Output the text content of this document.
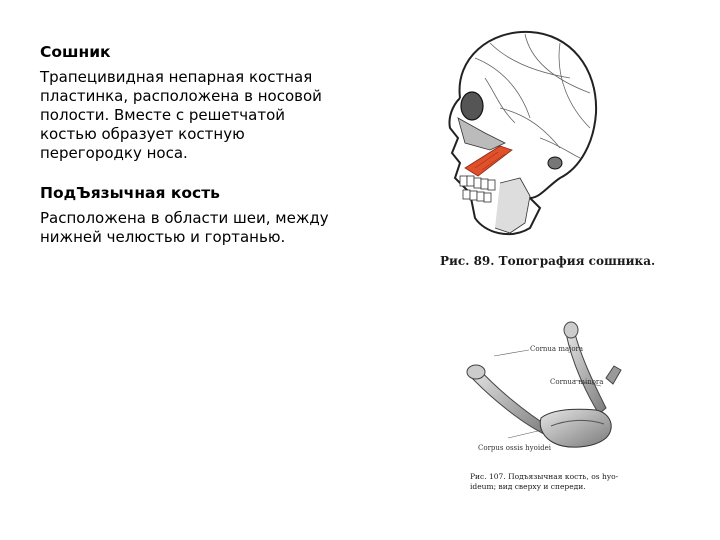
Сошник
Трапецивидная непарная костная пластинка, расположена в носовой полости. Вместе с решетчатой костью образует костную перегородку носа.
ПодЪязычная кость
Расположена в области шеи, между нижней челюстью и гортанью.
Рис. 89. Топография сошника.
Cornua majora
Cornua minora
Corpus ossis hyoidei
Рис. 107. Подъязычная кость, os hyo-ideum; вид сверху и спереди.
